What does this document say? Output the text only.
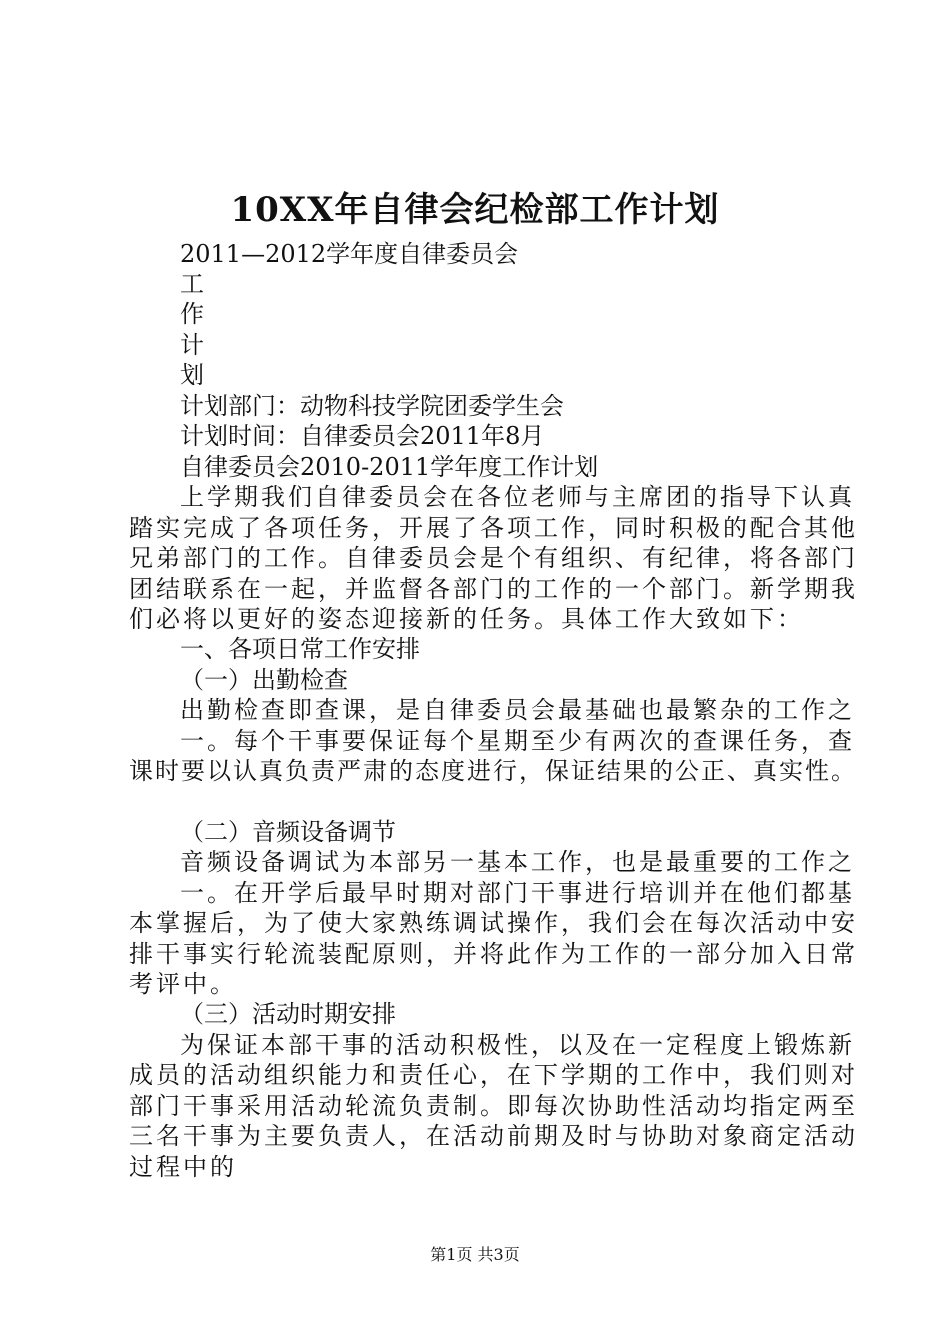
10XX年自律会纪检部工作计划
2011—2012学年度自律委员会
工
作
计
划
计划部门：动物科技学院团委学生会
计划时间：自律委员会2011年8月
自律委员会2010-2011学年度工作计划
上学期我们自律委员会在各位老师与主席团的指导下认真
踏实完成了各项任务，开展了各项工作，同时积极的配合其他
兄弟部门的工作。自律委员会是个有组织、有纪律，将各部门
团结联系在一起，并监督各部门的工作的一个部门。新学期我
们必将以更好的姿态迎接新的任务。具体工作大致如下：
一、各项日常工作安排
（一）出勤检查
出勤检查即查课，是自律委员会最基础也最繁杂的工作之
一。每个干事要保证每个星期至少有两次的查课任务，查
课时要以认真负责严肃的态度进行，保证结果的公正、真实性。
（二）音频设备调节
音频设备调试为本部另一基本工作，也是最重要的工作之
一。在开学后最早时期对部门干事进行培训并在他们都基
本掌握后，为了使大家熟练调试操作，我们会在每次活动中安
排干事实行轮流装配原则，并将此作为工作的一部分加入日常
考评中。
（三）活动时期安排
为保证本部干事的活动积极性，以及在一定程度上锻炼新
成员的活动组织能力和责任心，在下学期的工作中，我们则对
部门干事采用活动轮流负责制。即每次协助性活动均指定两至
三名干事为主要负责人，在活动前期及时与协助对象商定活动
过程中的
第1页 共3页
